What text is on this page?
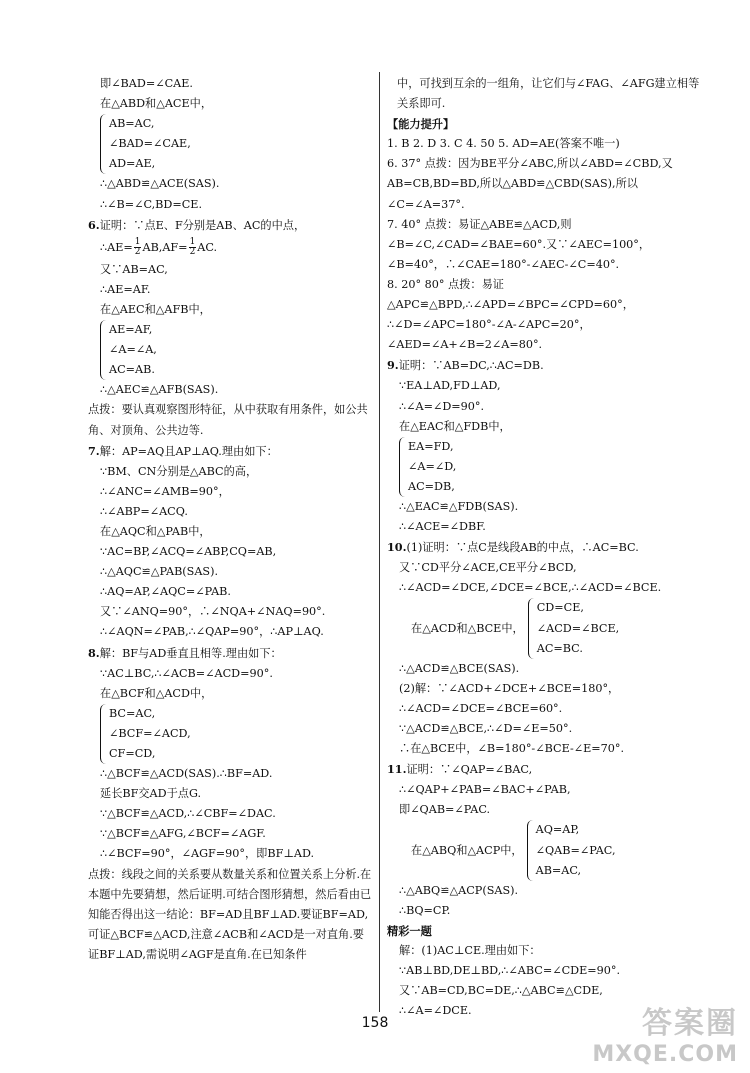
即∠BAD=∠CAE.
在△ABD和△ACE中，
AB=AC,
∠BAD=∠CAE,
AD=AE,
∴△ABD≌△ACE(SAS).
∴∠B=∠C,BD=CE.
6.证明：∵点E、F分别是AB、AC的中点，
∴AE= $\frac{1}{2} AB,AF= \frac{1}{2}$ AC.
又∵AB=AC,
∴AE=AF.
在△AEC和△AFB中，
AE=AF,
∠A=∠A,
AC=AB.
∴△AEC≌△AFB(SAS).
点拨：要认真观察图形特征，从中获取有用条件，如公共角、对顶角、公共边等.
7.解：AP=AQ且AP⊥AQ.理由如下：
∵BM、CN分别是△ABC的高，
∴∠ANC=∠AMB=90°，
∴∠ABP=∠ACQ.
在△AQC和△PAB中，
∵AC=BP,∠ACQ=∠ABP,CQ=AB,
∴△AQC≌△PAB(SAS).
∴AQ=AP,∠AQC=∠PAB.
又∵∠ANQ=90°，∴∠NQA+∠NAQ=90°.
∴∠AQN=∠PAB,∴∠QAP=90°，∴AP⊥AQ.
8.解：BF与AD垂直且相等.理由如下：
∵AC⊥BC,∴∠ACB=∠ACD=90°.
在△BCF和△ACD中，
BC=AC,
∠BCF=∠ACD,
CF=CD,
∴△BCF≌△ACD(SAS).∴BF=AD.
延长BF交AD于点G.
∵△BCF≌△ACD,∴∠CBF=∠DAC.
∵△BCF≌△AFG,∠BCF=∠AGF.
∴∠BCF=90°，∠AGF=90°，即BF⊥AD.
点拨：线段之间的关系要从数量关系和位置关系上分析.在本题中先要猜想，然后证明.可结合图形猜想，然后看由已知能否得出这一结论：BF=AD且BF⊥AD.要证BF=AD,可证△BCF≌△ACD,注意∠ACB和∠ACD是一对直角.要证BF⊥AD,需说明∠AGF是直角.在已知条件
中，可找到互余的一组角，让它们与∠FAG、∠AFG建立相等关系即可.
【能力提升】
1. B 2. D 3. C 4. 50 5. AD=AE(答案不唯一)
6. 37° 点拨：因为BE平分∠ABC,所以∠ABD=∠CBD,又AB=CB,BD=BD,所以△ABD≌△CBD(SAS),所以∠C=∠A=37°.
7. 40° 点拨：易证△ABE≌△ACD,则∠B=∠C,∠CAD=∠BAE=60°.又∵∠AEC=100°，∠B=40°，∴∠CAE=180°-∠AEC-∠C=40°.
8. 20° 80° 点拨：易证△APC≌△BPD,∴∠APD=∠BPC=∠CPD=60°，∴∠D=∠APC=180°-∠A-∠APC=20°，∠AED=∠A+∠B=2∠A=80°.
9.证明：∵AB=DC,∴AC=DB.
∵EA⊥AD,FD⊥AD,
∴∠A=∠D=90°.
在△EAC和△FDB中，
EA=FD,
∠A=∠D,
AC=DB,
∴△EAC≌△FDB(SAS).
∴∠ACE=∠DBF.
10.(1)证明：∵点C是线段AB的中点，∴AC=BC.
又∵CD平分∠ACE,CE平分∠BCD,
∴∠ACD=∠DCE,∠DCE=∠BCE,∴∠ACD=∠BCE.
在△ACD和△BCE中，
CD=CE,
∠ACD=∠BCE,
AC=BC.
∴△ACD≌△BCE(SAS).
(2)解：∵∠ACD+∠DCE+∠BCE=180°，
∴∠ACD=∠DCE=∠BCE=60°.
∵△ACD≌△BCE,∴∠D=∠E=50°.
∴在△BCE中，∠B=180°-∠BCE-∠E=70°.
11.证明：∵∠QAP=∠BAC,
∴∠QAP+∠PAB=∠BAC+∠PAB,
即∠QAB=∠PAC.
在△ABQ和△ACP中，
AQ=AP,
∠QAB=∠PAC,
AB=AC,
∴△ABQ≌△ACP(SAS).
∴BQ=CP.
精彩一题
解：(1)AC⊥CE.理由如下：
∵AB⊥BD,DE⊥BD,∴∠ABC=∠CDE=90°.
又∵AB=CD,BC=DE,∴△ABC≌△CDE,
∴∠A=∠DCE.
158	答案圈
MXQE.COM
